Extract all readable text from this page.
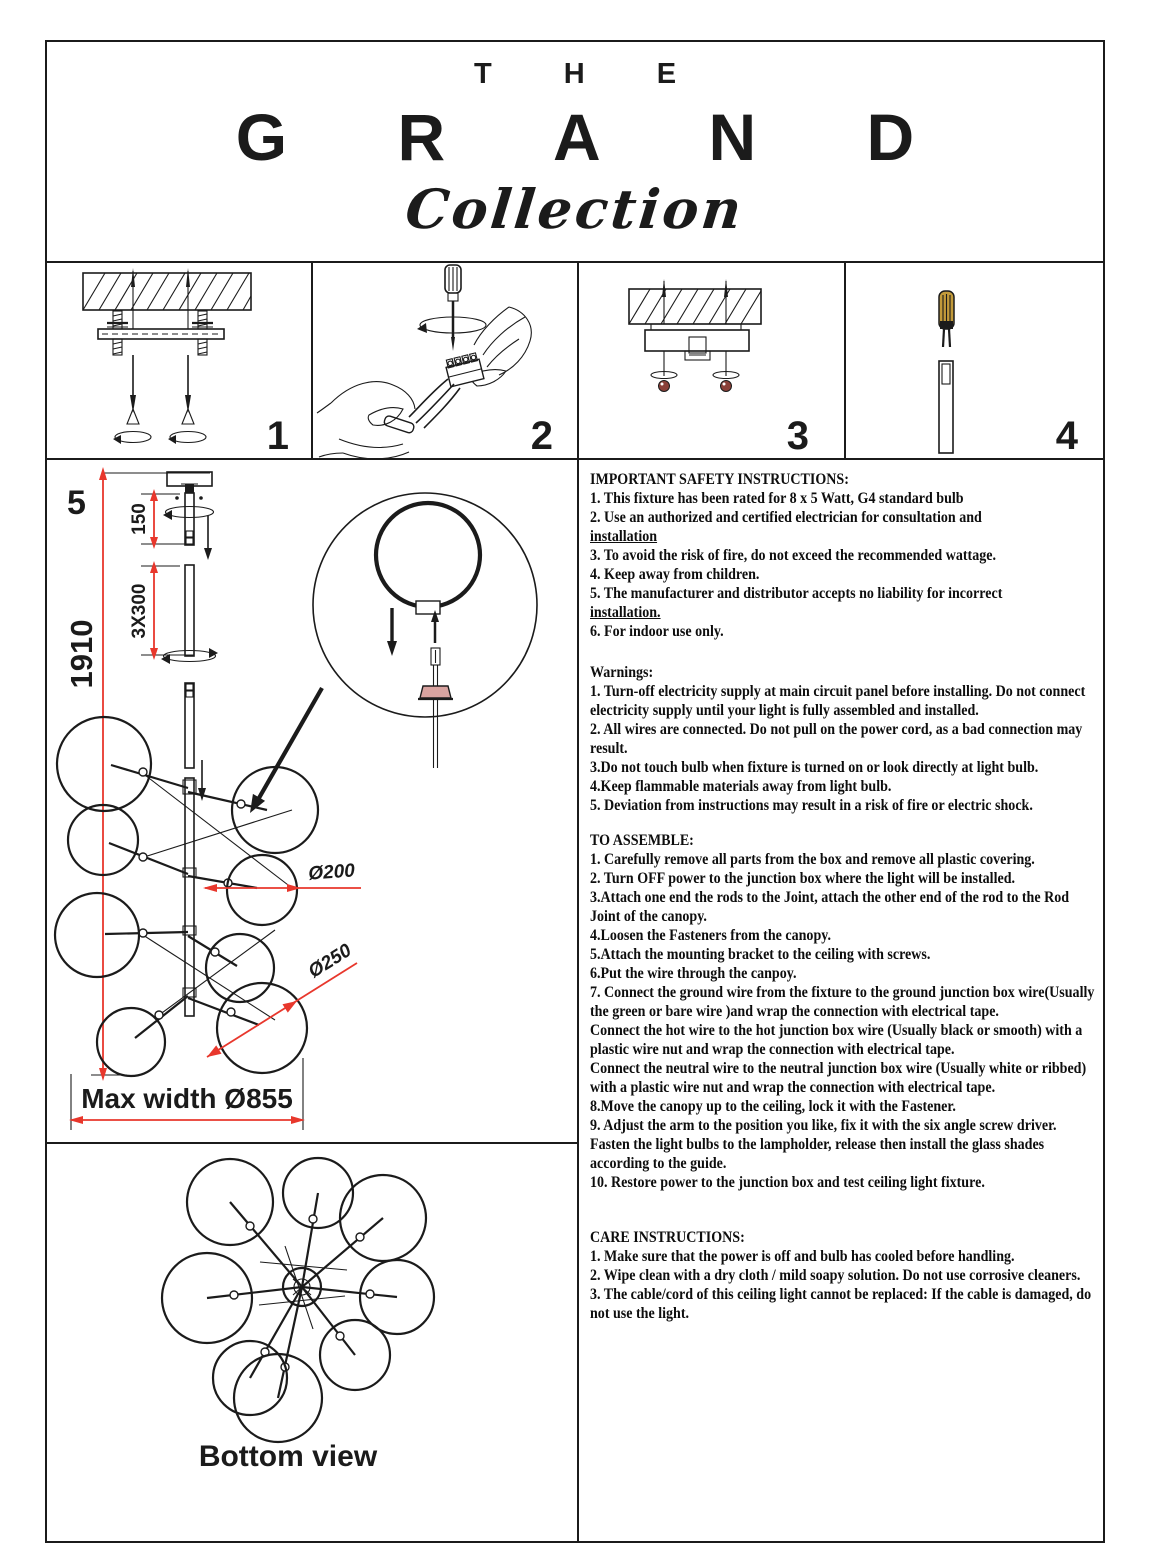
T H E
G R A N D
Collection
1	2	3	4
5
1910
150
3X300
Ø200
Ø250
Max width Ø855
Bottom view

IMPORTANT SAFETY INSTRUCTIONS:

1. This fixture has been rated for 8 x 5 Watt, G4 standard bulb

2. Use an authorized and certified electrician for consultation and
installation

3. To avoid the risk of fire, do not exceed the recommended wattage.

4. Keep away from children.

5. The manufacturer and distributor accepts no liability for incorrect
installation.

6. For indoor use only.

Warnings:

1. Turn-off electricity supply at main circuit panel before installing. Do not connect electricity supply until your light is fully assembled and installed.

2. All wires are connected. Do not pull on the power cord, as a bad connection may result.

3.Do not touch bulb when fixture is turned on or look directly at light bulb.

4.Keep flammable materials away from light bulb.

5. Deviation from instructions may result in a risk of fire or electric shock.

TO ASSEMBLE:

1. Carefully remove all parts from the box and remove all plastic covering.

2. Turn OFF power to the junction box where the light will be installed.

3.Attach one end the rods to the Joint, attach the other end of the rod to the Rod Joint of the canopy.

4.Loosen the Fasteners from the canopy.

5.Attach the mounting bracket to the ceiling with screws.

6.Put the wire through the canpoy.

7. Connect the ground wire from the fixture to the ground junction box wire(Usually the green or bare wire )and wrap the connection with electrical tape.

Connect the hot wire to the hot junction box wire (Usually black or smooth) with a plastic wire nut and wrap the connection with electrical tape.

Connect the neutral wire to the neutral junction box wire (Usually white or ribbed) with a plastic wire nut and wrap the connection with electrical tape.

8.Move the canopy up to the ceiling, lock it with the Fastener.

9. Adjust the arm to the position you like, fix it with the six angle screw driver.

Fasten the light bulbs to the lampholder, release then install the glass shades according to the guide.

10. Restore power to the junction box and test ceiling light fixture.

CARE INSTRUCTIONS:

1. Make sure that the power is off and bulb has cooled before handling.

2. Wipe clean with a dry cloth / mild soapy solution. Do not use corrosive cleaners.

3. The cable/cord of this ceiling light cannot be replaced: If the cable is damaged, do not use the light.
